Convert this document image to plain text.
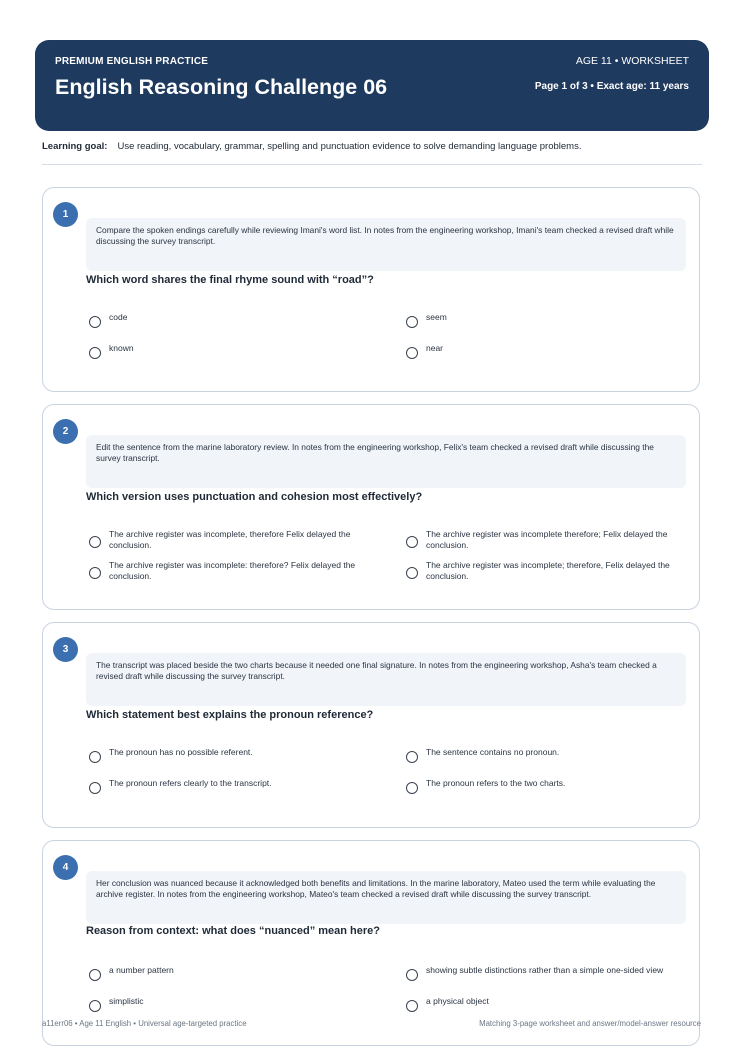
PREMIUM ENGLISH PRACTICE
English Reasoning Challenge 06
AGE 11 • WORKSHEET
Page 1 of 3 • Exact age: 11 years
Learning goal: Use reading, vocabulary, grammar, spelling and punctuation evidence to solve demanding language problems.
1
Compare the spoken endings carefully while reviewing Imani's word list. In notes from the engineering workshop, Imani's team checked a revised draft while discussing the survey transcript.
Which word shares the final rhyme sound with “road”?
code	seem
known	near
2
Edit the sentence from the marine laboratory review. In notes from the engineering workshop, Felix's team checked a revised draft while discussing the survey transcript.
Which version uses punctuation and cohesion most effectively?
The archive register was incomplete, therefore Felix delayed the conclusion.
The archive register was incomplete therefore; Felix delayed the conclusion.
The archive register was incomplete: therefore? Felix delayed the conclusion.
The archive register was incomplete; therefore, Felix delayed the conclusion.
3
The transcript was placed beside the two charts because it needed one final signature. In notes from the engineering workshop, Asha's team checked a revised draft while discussing the survey transcript.
Which statement best explains the pronoun reference?
The pronoun has no possible referent.	The sentence contains no pronoun.
The pronoun refers clearly to the transcript.	The pronoun refers to the two charts.
4
Her conclusion was nuanced because it acknowledged both benefits and limitations. In the marine laboratory, Mateo used the term while evaluating the archive register. In notes from the engineering workshop, Mateo's team checked a revised draft while discussing the survey transcript.
Reason from context: what does “nuanced” mean here?
a number pattern	showing subtle distinctions rather than a simple one-sided view
simplistic	a physical object
a11err06 • Age 11 English • Universal age-targeted practice	Matching 3-page worksheet and answer/model-answer resource
